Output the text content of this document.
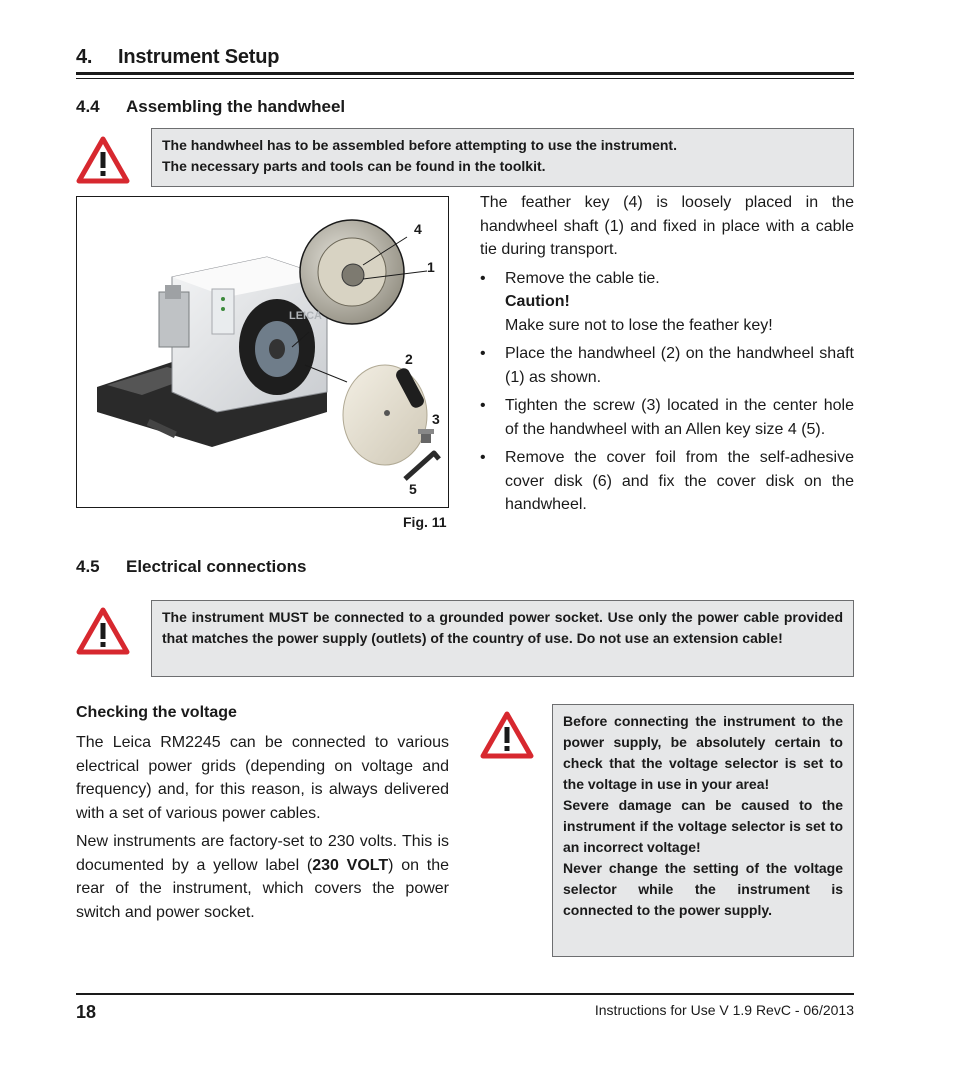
4. Instrument Setup
4.4 Assembling the handwheel

The handwheel has to be assembled before attempting to use the instrument.

The necessary parts and tools can be found in the toolkit.

LEICA
4
1
2
3
5
Fig. 11

The feather key (4) is loosely placed in the handwheel shaft (1) and fixed in place with a cable tie during transport.

• Remove the cable tie.
Caution!
Make sure not to lose the feather key!
• Place the handwheel (2) on the handwheel shaft (1) as shown.
• Tighten the screw (3) located in the center hole of the handwheel with an Allen key size 4 (5).
• Remove the cover foil from the self-adhesive cover disk (6) and fix the cover disk on the handwheel.
4.5 Electrical connections

The instrument MUST be connected to a grounded power socket. Use only the power cable provided that matches the power supply (outlets) of the country of use. Do not use an extension cable!

Checking the voltage

The Leica RM2245 can be connected to various electrical power grids (depending on voltage and frequency) and, for this reason, is always delivered with a set of various power cables.

New instruments are factory-set to 230 volts. This is documented by a yellow label (230 VOLT) on the rear of the instrument, which covers the power switch and power socket.

Before connecting the instrument to the power supply, be absolutely certain to check that the voltage selector is set to the voltage in use in your area!

Severe damage can be caused to the instrument if the voltage selector is set to an incorrect voltage!

Never change the setting of the voltage selector while the instrument is connected to the power supply.

18	Instructions for Use V 1.9 RevC - 06/2013
